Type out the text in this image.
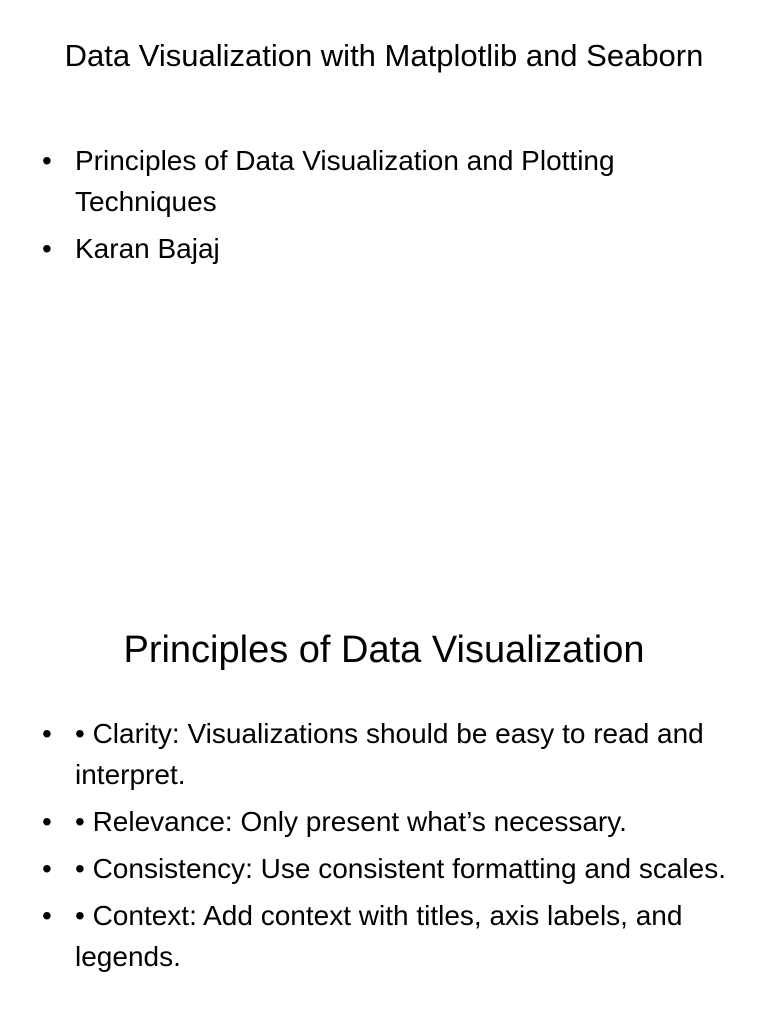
Data Visualization with Matplotlib and Seaborn
• Principles of Data Visualization and Plotting Techniques
• Karan Bajaj
Principles of Data Visualization
• • Clarity: Visualizations should be easy to read and interpret.
• • Relevance: Only present what’s necessary.
• • Consistency: Use consistent formatting and scales.
• • Context: Add context with titles, axis labels, and legends.
